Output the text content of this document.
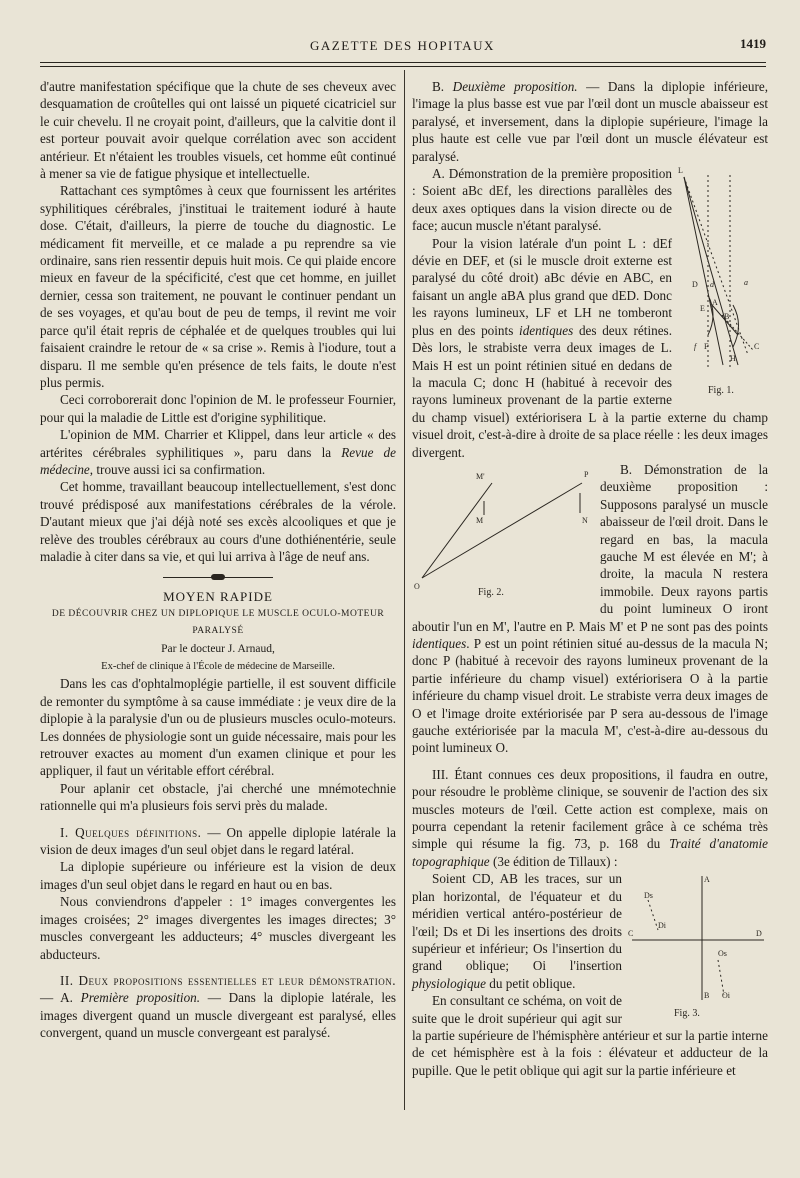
GAZETTE DES HOPITAUX	1419

d'autre manifestation spécifique que la chute de ses cheveux avec desquamation de croûtelles qui ont laissé un piqueté cicatriciel sur le cuir chevelu. Il ne croyait point, d'ailleurs, que la calvitie dont il est porteur pouvait avoir quelque corrélation avec son accident antérieur. Et n'étaient les troubles visuels, cet homme eût continué à mener sa vie de fatigue physique et intellectuelle.

Rattachant ces symptômes à ceux que fournissent les artérites syphilitiques cérébrales, j'instituai le traitement ioduré à haute dose. C'était, d'ailleurs, la pierre de touche du diagnostic. Le médicament fit merveille, et ce malade a pu reprendre sa vie ordinaire, sans rien ressentir depuis huit mois. Ce qui plaide encore mieux en faveur de la spécificité, c'est que cet homme, en juillet dernier, cessa son traitement, ne pouvant le continuer pendant un de ses voyages, et qu'au bout de peu de temps, il revint me voir parce qu'il était repris de céphalée et de quelques troubles qui lui faisaient craindre le retour de « sa crise ». Remis à l'iodure, tout a disparu. Il me semble qu'en présence de tels faits, le doute n'est plus permis.

Ceci corroborerait donc l'opinion de M. le professeur Fournier, pour qui la maladie de Little est d'origine syphilitique.

L'opinion de MM. Charrier et Klippel, dans leur article « des artérites cérébrales syphilitiques », paru dans la Revue de médecine, trouve aussi ici sa confirmation.

Cet homme, travaillant beaucoup intellectuellement, s'est donc trouvé prédisposé aux manifestations cérébrales de la vérole. D'autant mieux que j'ai déjà noté ses excès alcooliques et que je relève des troubles cérébraux au cours d'une dothiénentérie, seule maladie à citer dans sa vie, et qui lui arriva à l'âge de neuf ans.

MOYEN RAPIDE

DE DÉCOUVRIR CHEZ UN DIPLOPIQUE LE MUSCLE OCULO-MOTEUR PARALYSÉ

Par le docteur J. Arnaud,

Ex-chef de clinique à l'École de médecine de Marseille.

Dans les cas d'ophtalmoplégie partielle, il est souvent difficile de remonter du symptôme à sa cause immédiate : je veux dire de la diplopie à la paralysie d'un ou de plusieurs muscles oculo-moteurs. Les données de physiologie sont un guide nécessaire, mais pour les retrouver exactes au moment d'un examen clinique et pour les appliquer, il faut un véritable effort cérébral.

Pour aplanir cet obstacle, j'ai cherché une mnémotechnie rationnelle qui m'a plusieurs fois servi près du malade.

I. Quelques définitions. — On appelle diplopie latérale la vision de deux images d'un seul objet dans le regard latéral.

La diplopie supérieure ou inférieure est la vision de deux images d'un seul objet dans le regard en haut ou en bas.

Nous conviendrons d'appeler : 1° images convergentes les images croisées; 2° images divergentes les images directes; 3° muscles convergeant les adducteurs; 4° muscles divergeant les abducteurs.

II. Deux propositions essentielles et leur démonstration. — A. Première proposition. — Dans la diplopie latérale, les images divergent quand un muscle divergeant est paralysé, elles convergent, quand un muscle convergeant est paralysé.

B. Deuxième proposition. — Dans la diplopie inférieure, l'image la plus basse est vue par l'œil dont un muscle abaisseur est paralysé, et inversement, dans la diplopie supérieure, l'image la plus haute est celle vue par l'œil dont un muscle élévateur est paralysé.

L
D d	a
E
A
B
F
f
H
C
Fig. 1.

A. Démonstration de la première proposition : Soient aBc dEf, les directions parallèles des deux axes optiques dans la vision directe ou de face; aucun muscle n'étant paralysé.

Pour la vision latérale d'un point L : dEf dévie en DEF, et (si le muscle droit externe est paralysé du côté droit) aBc dévie en ABC, en faisant un angle aBA plus grand que dED. Donc les rayons lumineux, LF et LH ne tomberont plus en des points identiques des deux rétines. Dès lors, le strabiste verra deux images de L. Mais H est un point rétinien situé en dedans de la macula C; donc H (habitué à recevoir des rayons lumineux provenant de la partie externe du champ visuel) extériorisera L à la partie externe du champ visuel droit, c'est-à-dire à droite de sa place réelle : les deux images divergent.

M'	P
M	N
O
Fig. 2.

B. Démonstration de la deuxième proposition : Supposons paralysé un muscle abaisseur de l'œil droit. Dans le regard en bas, la macula gauche M est élevée en M'; à droite, la macula N restera immobile. Deux rayons partis du point lumineux O iront aboutir l'un en M', l'autre en P. Mais M' et P ne sont pas des points identiques. P est un point rétinien situé au-dessus de la macula N; donc P (habitué à recevoir des rayons lumineux provenant de la partie inférieure du champ visuel) extériorisera O à la partie inférieure du champ visuel droit. Le strabiste verra deux images de O et l'image droite extériorisée par P sera au-dessous de l'image gauche extériorisée par la macula M', c'est-à-dire au-dessous du point lumineux O.

III. Étant connues ces deux propositions, il faudra en outre, pour résoudre le problème clinique, se souvenir de l'action des six muscles moteurs de l'œil. Cette action est complexe, mais on pourra cependant la retenir facilement grâce à ce schéma très simple qui résume la fig. 73, p. 168 du Traité d'anatomie topographique (3e édition de Tillaux) :

A
D
C
B
Ds
Di
Os
Oi
Fig. 3.

Soient CD, AB les traces, sur un plan horizontal, de l'équateur et du méridien vertical antéro-postérieur de l'œil; Ds et Di les insertions des droits supérieur et inférieur; Os l'insertion du grand oblique; Oi l'insertion physiologique du petit oblique.

En consultant ce schéma, on voit de suite que le droit supérieur qui agit sur la partie supérieure de l'hémisphère antérieur et sur la partie interne de cet hémisphère est à la fois : élévateur et adducteur de la pupille. Que le petit oblique qui agit sur la partie inférieure et
